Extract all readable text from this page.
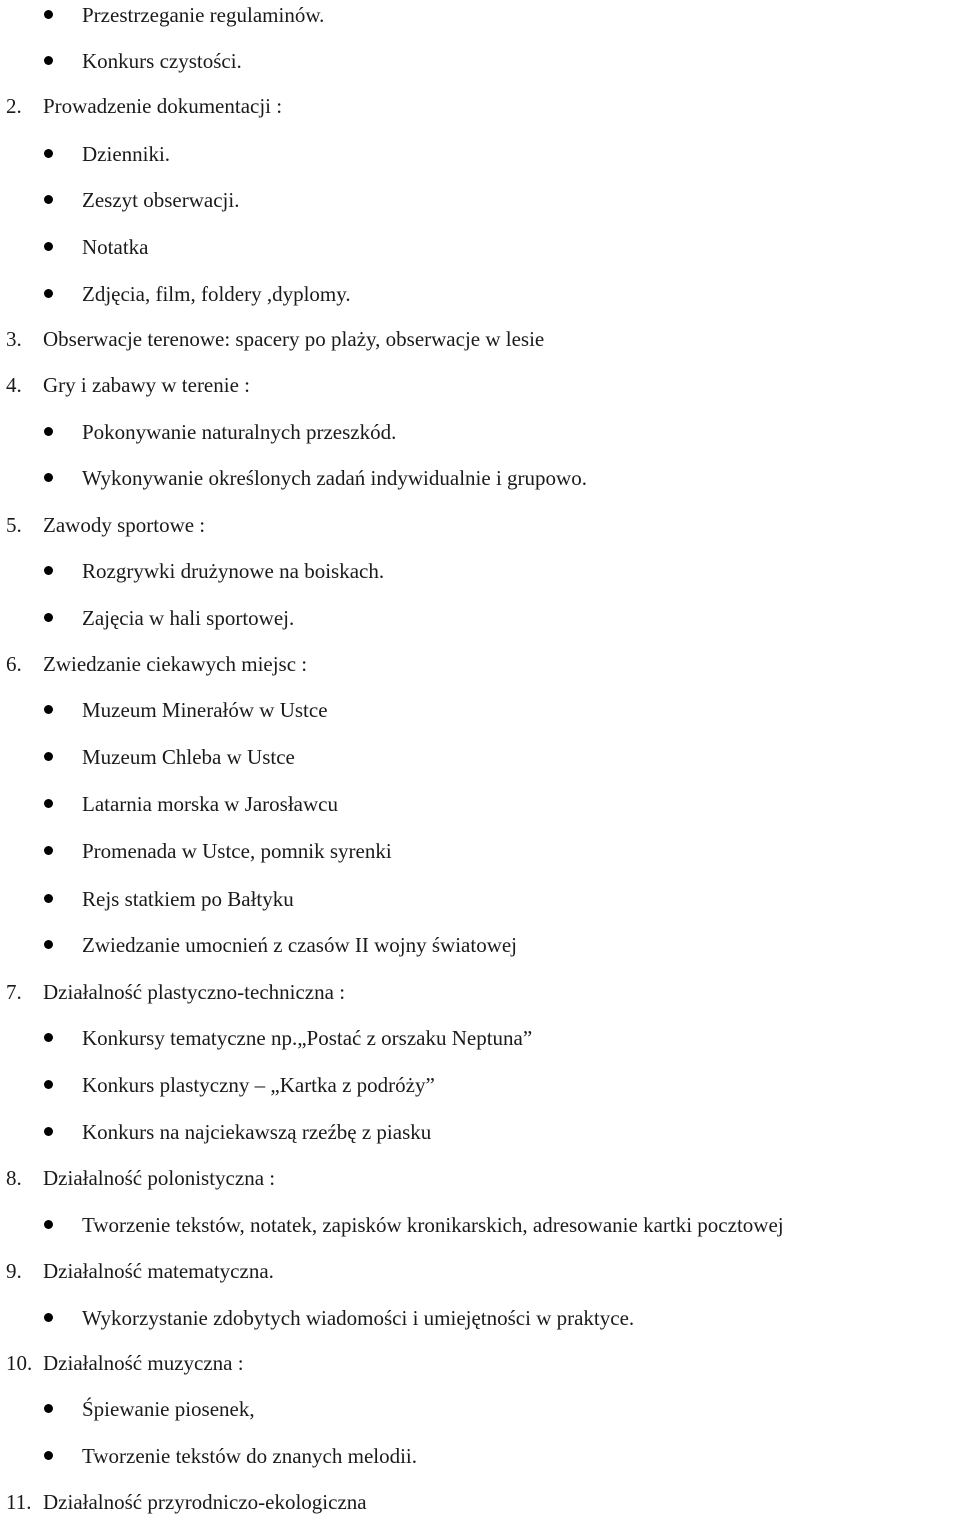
Przestrzeganie regulaminów.
Konkurs czystości.
2. Prowadzenie dokumentacji :
Dzienniki.
Zeszyt obserwacji.
Notatka
Zdjęcia, film, foldery ,dyplomy.
3. Obserwacje terenowe: spacery po plaży, obserwacje w lesie
4. Gry i zabawy w terenie :
Pokonywanie naturalnych przeszkód.
Wykonywanie określonych zadań indywidualnie i grupowo.
5. Zawody sportowe :
Rozgrywki drużynowe na boiskach.
Zajęcia w hali sportowej.
6. Zwiedzanie ciekawych miejsc :
Muzeum Minerałów w Ustce
Muzeum Chleba w Ustce
Latarnia morska w Jarosławcu
Promenada w Ustce, pomnik syrenki
Rejs statkiem po Bałtyku
Zwiedzanie umocnień z czasów II wojny światowej
7. Działalność plastyczno-techniczna :
Konkursy tematyczne np.„Postać z orszaku Neptuna”
Konkurs plastyczny – „Kartka z podróży”
Konkurs na najciekawszą rzeźbę z piasku
8. Działalność polonistyczna :
Tworzenie tekstów, notatek, zapisków kronikarskich, adresowanie kartki pocztowej
9. Działalność matematyczna.
Wykorzystanie zdobytych wiadomości i umiejętności w praktyce.
10. Działalność muzyczna :
Śpiewanie piosenek,
Tworzenie tekstów do znanych melodii.
11. Działalność przyrodniczo-ekologiczna
